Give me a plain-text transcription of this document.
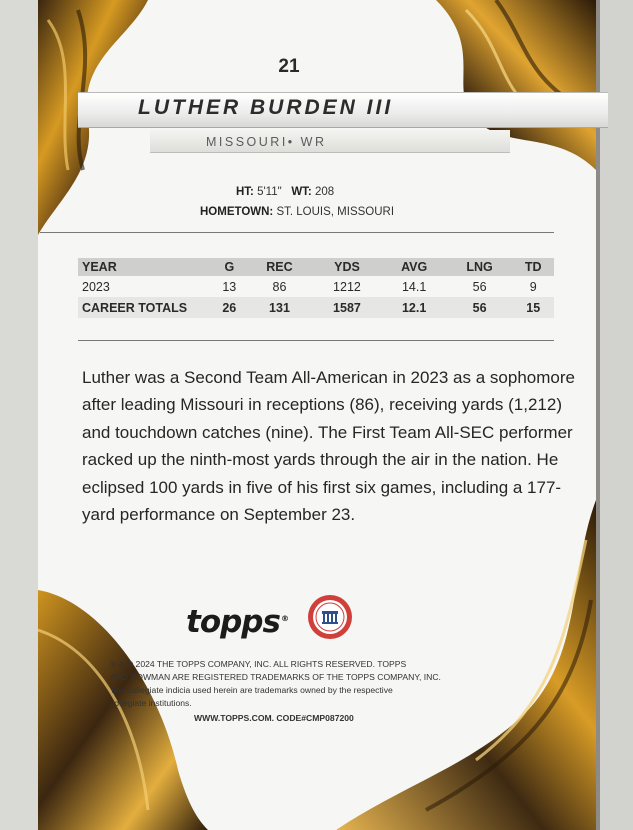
21
LUTHER BURDEN III
MISSOURI• WR
HT: 5'11" WT: 208
HOMETOWN: ST. LOUIS, MISSOURI
YEAR	G	REC	YDS	AVG	LNG	TD
2023	13	86	1212	14.1	56	9
CAREER TOTALS	26	131	1587	12.1	56	15
Luther was a Second Team All-American in 2023 as a sophomore after leading Missouri in receptions (86), receiving yards (1,212) and touchdown catches (nine). The First Team All-SEC performer racked up the ninth-most yards through the air in the nation. He eclipsed 100 yards in five of his first six games, including a 177-yard performance on September 23.
topps®
® & © 2024 THE TOPPS COMPANY, INC. ALL RIGHTS RESERVED. TOPPS
AND BOWMAN ARE REGISTERED TRADEMARKS OF THE TOPPS COMPANY, INC.
The collegiate indicia used herein are trademarks owned by the respective
collegiate institutions.
WWW.TOPPS.COM. CODE#CMP087200
